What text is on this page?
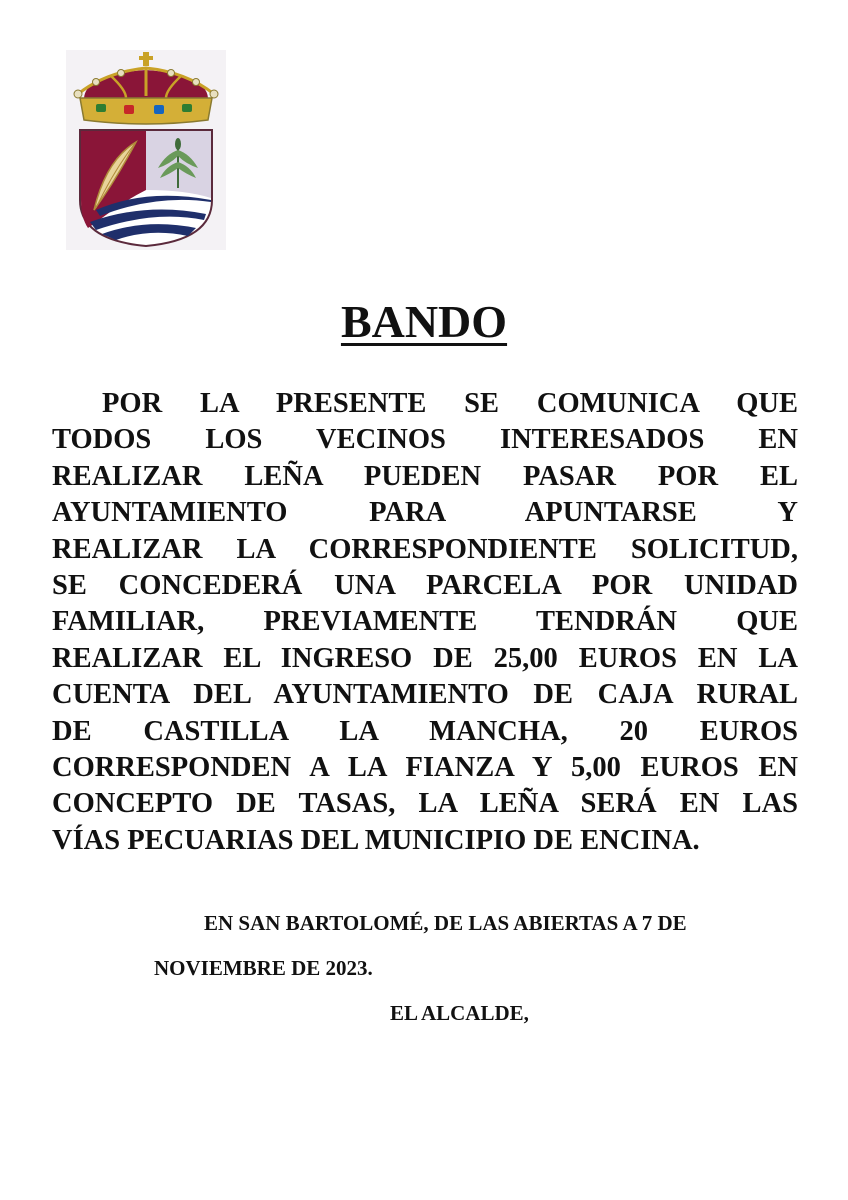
BANDO
POR LA PRESENTE SE COMUNICA QUE
TODOS LOS VECINOS INTERESADOS EN
REALIZAR LEÑA PUEDEN PASAR POR EL
AYUNTAMIENTO PARA APUNTARSE Y
REALIZAR LA CORRESPONDIENTE SOLICITUD,
SE CONCEDERÁ UNA PARCELA POR UNIDAD
FAMILIAR, PREVIAMENTE TENDRÁN QUE
REALIZAR EL INGRESO DE 25,00 EUROS EN LA
CUENTA DEL AYUNTAMIENTO DE CAJA RURAL
DE CASTILLA LA MANCHA, 20 EUROS
CORRESPONDEN A LA FIANZA Y 5,00 EUROS EN
CONCEPTO DE TASAS, LA LEÑA SERÁ EN LAS
VÍAS PECUARIAS DEL MUNICIPIO DE ENCINA.
EN SAN BARTOLOMÉ, DE LAS ABIERTAS A 7 DE
NOVIEMBRE DE 2023.
EL ALCALDE,
